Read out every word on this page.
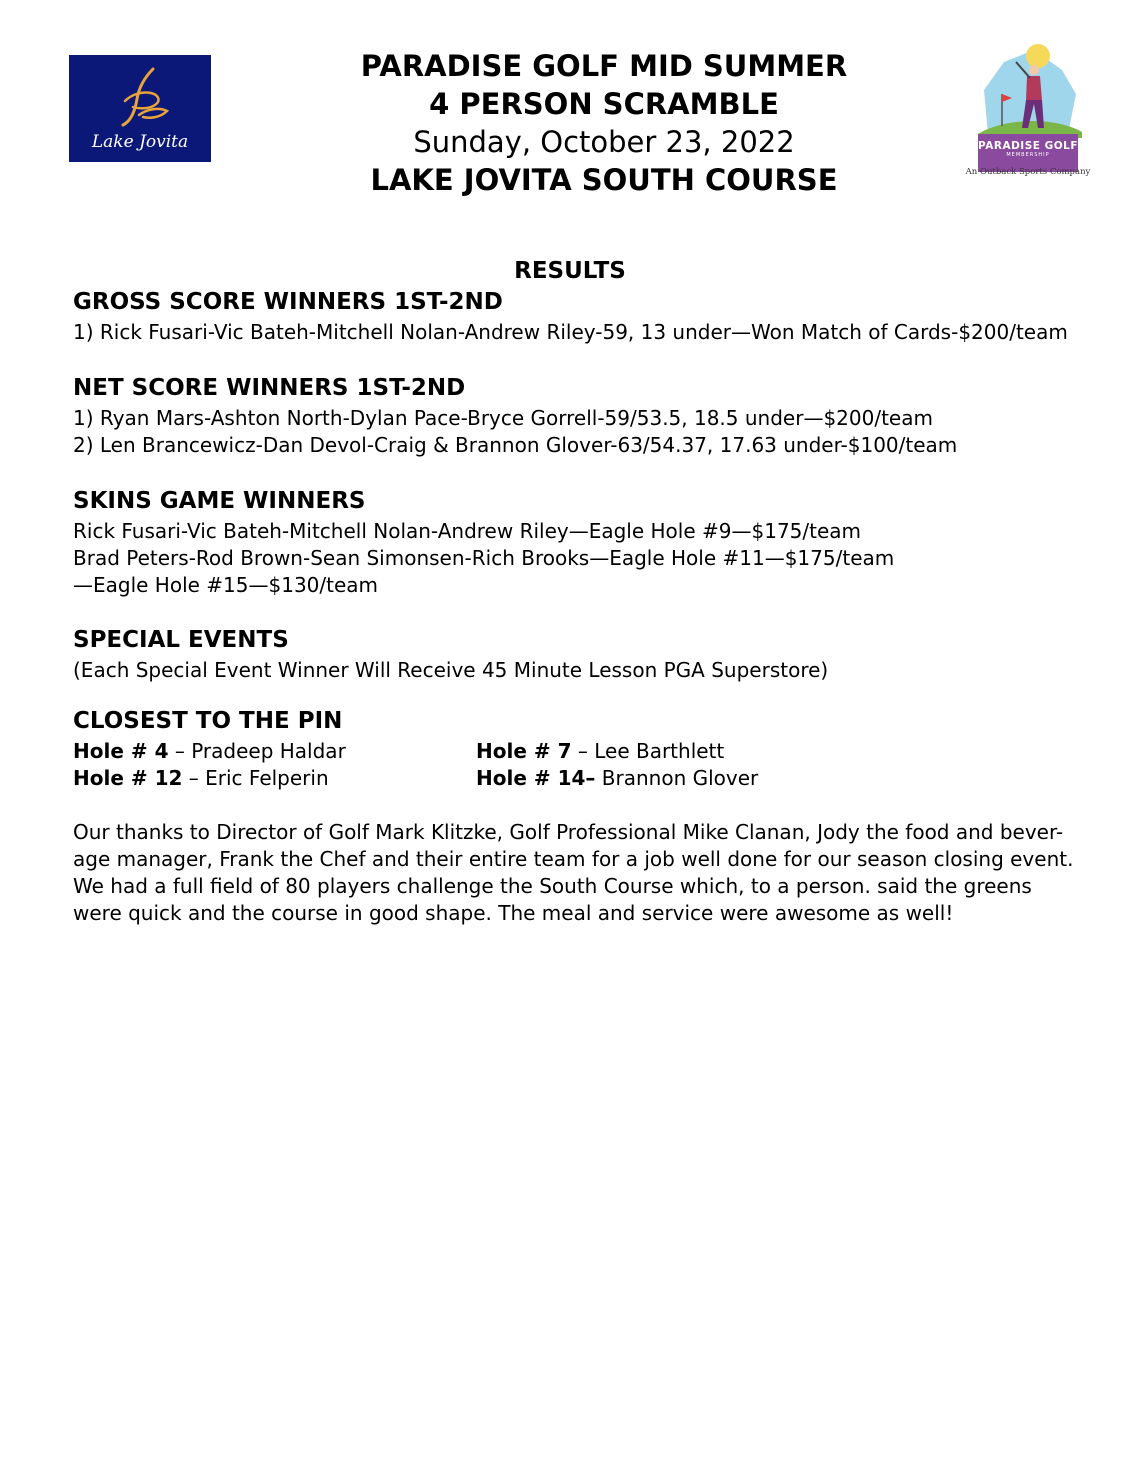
Lake Jovita
PARADISE GOLF MID SUMMER
4 PERSON SCRAMBLE
Sunday, October 23, 2022
LAKE JOVITA SOUTH COURSE
PARADISE GOLF
MEMBERSHIP
An Outback Sports Company
RESULTS
GROSS SCORE WINNERS 1ST-2ND
1) Rick Fusari-Vic Bateh-Mitchell Nolan-Andrew Riley-59, 13 under—Won Match of Cards-$200/team
NET SCORE WINNERS 1ST-2ND
1) Ryan Mars-Ashton North-Dylan Pace-Bryce Gorrell-59/53.5, 18.5 under—$200/team
2) Len Brancewicz-Dan Devol-Craig & Brannon Glover-63/54.37, 17.63 under-$100/team
SKINS GAME WINNERS
Rick Fusari-Vic Bateh-Mitchell Nolan-Andrew Riley—Eagle Hole #9—$175/team
Brad Peters-Rod Brown-Sean Simonsen-Rich Brooks—Eagle Hole #11—$175/team
—Eagle Hole #15—$130/team
SPECIAL EVENTS
(Each Special Event Winner Will Receive 45 Minute Lesson PGA Superstore)
CLOSEST TO THE PIN
Hole # 4 – Pradeep Haldar	Hole # 7 – Lee Barthlett
Hole # 12 – Eric Felperin	Hole # 14– Brannon Glover
Our thanks to Director of Golf Mark Klitzke, Golf Professional Mike Clanan, Jody the food and bever-
age manager, Frank the Chef and their entire team for a job well done for our season closing event.
We had a full field of 80 players challenge the South Course which, to a person. said the greens
were quick and the course in good shape. The meal and service were awesome as well!
